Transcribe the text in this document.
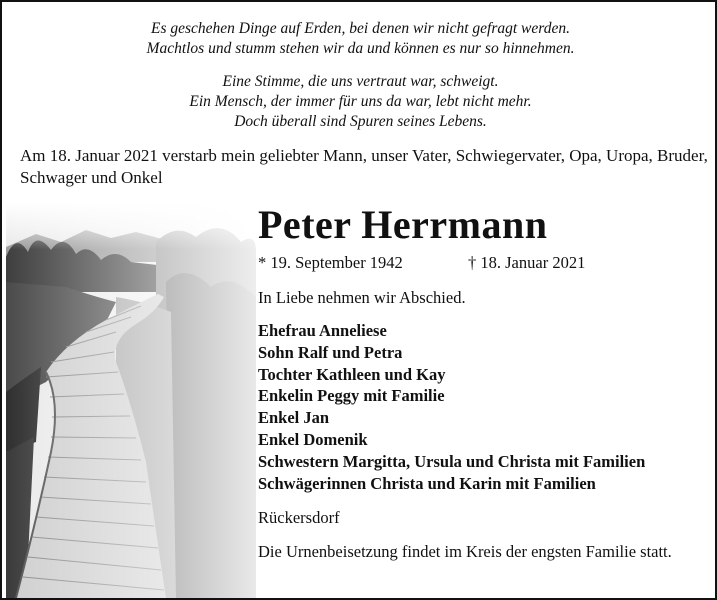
Es geschehen Dinge auf Erden, bei denen wir nicht gefragt werden.
Machtlos und stumm stehen wir da und können es nur so hinnehmen.
Eine Stimme, die uns vertraut war, schweigt.
Ein Mensch, der immer für uns da war, lebt nicht mehr.
Doch überall sind Spuren seines Lebens.
Am 18. Januar 2021 verstarb mein geliebter Mann, unser Vater, Schwiegervater, Opa, Uropa, Bruder, Schwager und Onkel
Peter Herrmann
* 19. September 1942	† 18. Januar 2021
In Liebe nehmen wir Abschied.
Ehefrau Anneliese
Sohn Ralf und Petra
Tochter Kathleen und Kay
Enkelin Peggy mit Familie
Enkel Jan
Enkel Domenik
Schwestern Margitta, Ursula und Christa mit Familien
Schwägerinnen Christa und Karin mit Familien
Rückersdorf
Die Urnenbeisetzung findet im Kreis der engsten Familie statt.
